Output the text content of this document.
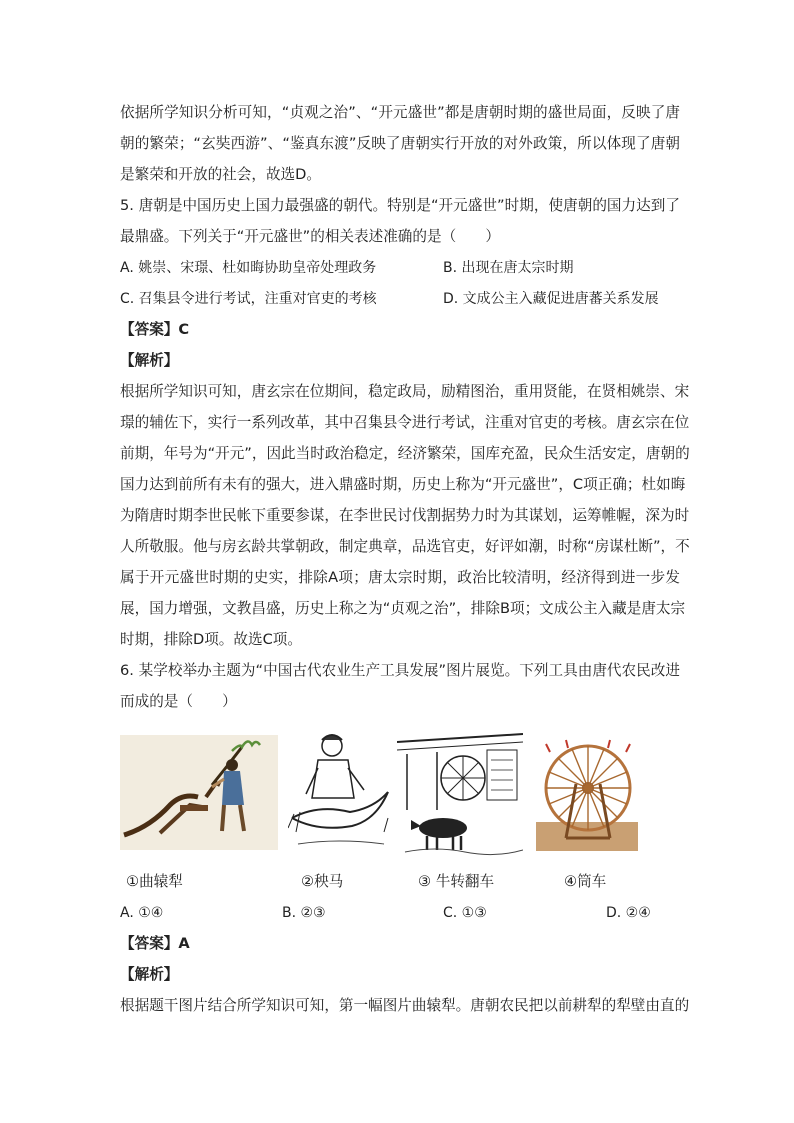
依据所学知识分析可知，“贞观之治”、“开元盛世”都是唐朝时期的盛世局面，反映了唐
朝的繁荣；“玄奘西游”、“鉴真东渡”反映了唐朝实行开放的对外政策，所以体现了唐朝
是繁荣和开放的社会，故选D。
5. 唐朝是中国历史上国力最强盛的朝代。特别是“开元盛世”时期，使唐朝的国力达到了
最鼎盛。下列关于“开元盛世”的相关表述准确的是（　　）
A. 姚崇、宋璟、杜如晦协助皇帝处理政务	B. 出现在唐太宗时期
C. 召集县令进行考试，注重对官吏的考核	D. 文成公主入藏促进唐蕃关系发展
【答案】C
【解析】
根据所学知识可知，唐玄宗在位期间，稳定政局，励精图治，重用贤能，在贤相姚崇、宋
璟的辅佐下，实行一系列改革，其中召集县令进行考试，注重对官吏的考核。唐玄宗在位
前期，年号为“开元”，因此当时政治稳定，经济繁荣，国库充盈，民众生活安定，唐朝的
国力达到前所有未有的强大，进入鼎盛时期，历史上称为“开元盛世”，C项正确；杜如晦
为隋唐时期李世民帐下重要参谋，在李世民讨伐割据势力时为其谋划，运筹帷幄，深为时
人所敬服。他与房玄龄共掌朝政，制定典章，品选官吏，好评如潮，时称“房谋杜断”，不
属于开元盛世时期的史实，排除A项；唐太宗时期，政治比较清明，经济得到进一步发
展，国力增强，文教昌盛，历史上称之为“贞观之治”，排除B项；文成公主入藏是唐太宗
时期，排除D项。故选C项。
6. 某学校举办主题为“中国古代农业生产工具发展”图片展览。下列工具由唐代农民改进
而成的是（　　）
①曲辕犁	②秧马	③ 牛转翻车	④筒车
A. ①④	B. ②③	C. ①③	D. ②④
【答案】A
【解析】
根据题干图片结合所学知识可知，第一幅图片曲辕犁。唐朝农民把以前耕犁的犁壁由直的
